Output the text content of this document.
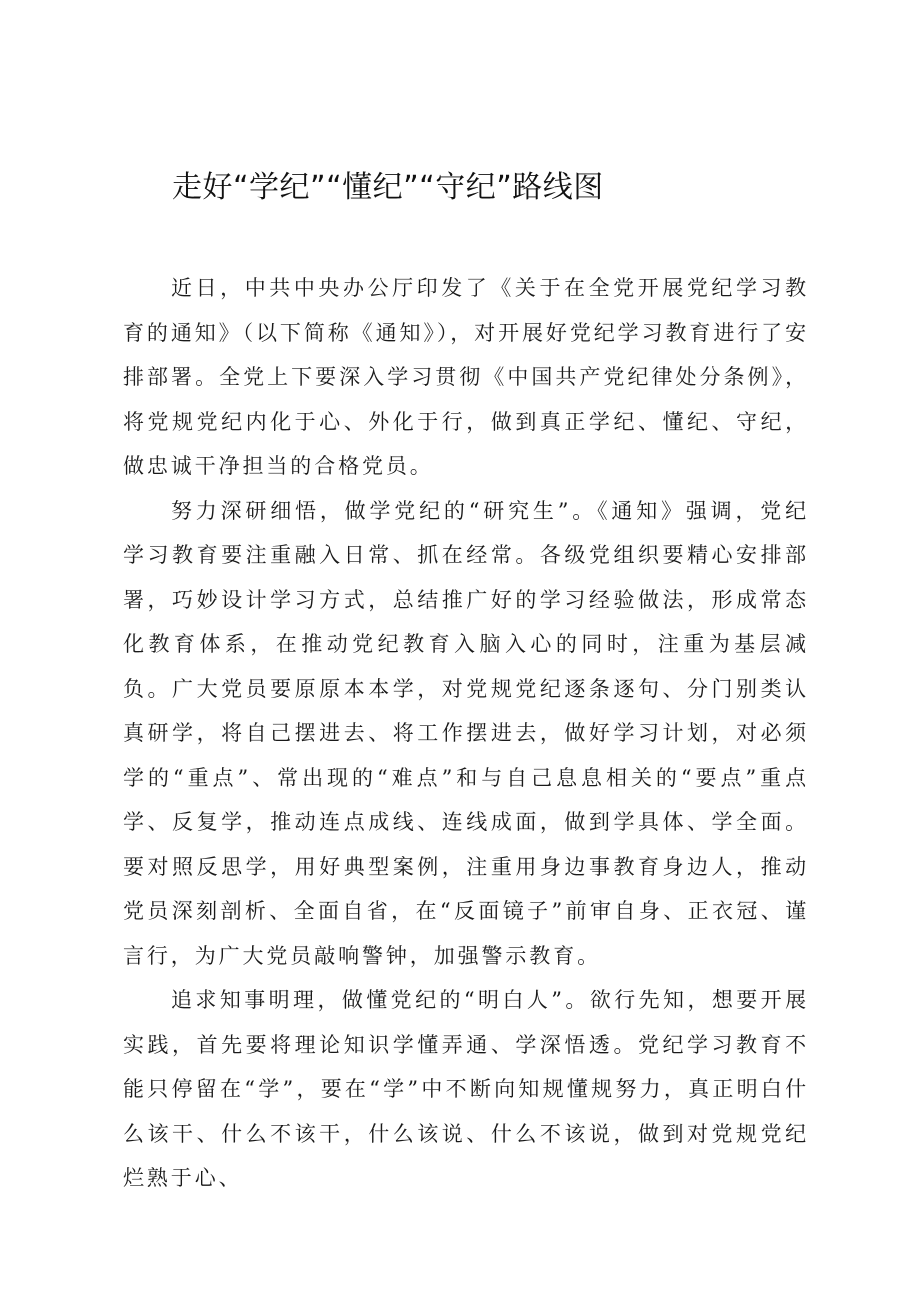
走好“学纪”“懂纪”“守纪”路线图

近日，中共中央办公厅印发了《关于在全党开展党纪学习教育的通知》（以下简称《通知》），对开展好党纪学习教育进行了安排部署。全党上下要深入学习贯彻《中国共产党纪律处分条例》，将党规党纪内化于心、外化于行，做到真正学纪、懂纪、守纪，做忠诚干净担当的合格党员。

努力深研细悟，做学党纪的“研究生”。《通知》强调，党纪学习教育要注重融入日常、抓在经常。各级党组织要精心安排部署，巧妙设计学习方式，总结推广好的学习经验做法，形成常态化教育体系，在推动党纪教育入脑入心的同时，注重为基层减负。广大党员要原原本本学，对党规党纪逐条逐句、分门别类认真研学，将自己摆进去、将工作摆进去，做好学习计划，对必须学的“重点”、常出现的“难点”和与自己息息相关的“要点”重点学、反复学，推动连点成线、连线成面，做到学具体、学全面。要对照反思学，用好典型案例，注重用身边事教育身边人，推动党员深刻剖析、全面自省，在“反面镜子”前审自身、正衣冠、谨言行，为广大党员敲响警钟，加强警示教育。

追求知事明理，做懂党纪的“明白人”。欲行先知，想要开展实践，首先要将理论知识学懂弄通、学深悟透。党纪学习教育不能只停留在“学”，要在“学”中不断向知规懂规努力，真正明白什么该干、什么不该干，什么该说、什么不该说，做到对党规党纪烂熟于心、
